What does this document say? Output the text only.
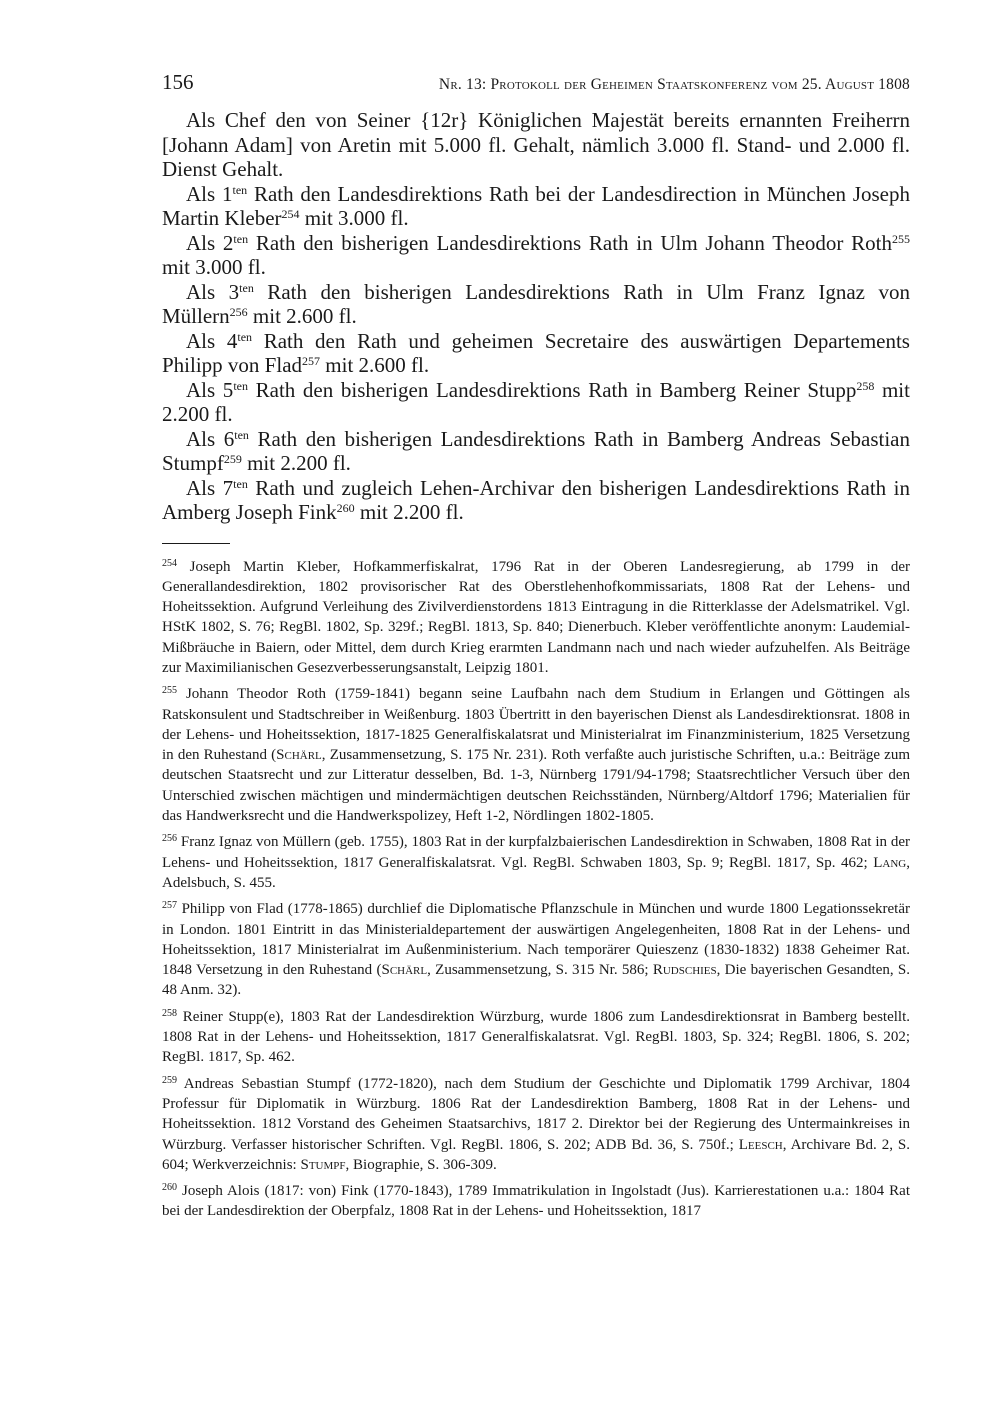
156	Nr. 13: Protokoll der Geheimen Staatskonferenz vom 25. August 1808

Als Chef den von Seiner {12r} Königlichen Majestät bereits ernannten Freiherrn [Johann Adam] von Aretin mit 5.000 fl. Gehalt, nämlich 3.000 fl. Stand- und 2.000 fl. Dienst Gehalt.

Als $1^{ten}$ Rath den Landesdirektions Rath bei der Landesdirection in München Joseph Martin Kleber$^{254}$ mit 3.000 fl.

Als $2^{ten}$ Rath den bisherigen Landesdirektions Rath in Ulm Johann Theodor Roth$^{255}$ mit 3.000 fl.

Als $3^{ten}$ Rath den bisherigen Landesdirektions Rath in Ulm Franz Ignaz von Müllern$^{256}$ mit 2.600 fl.

Als $4^{ten}$ Rath den Rath und geheimen Secretaire des auswärtigen Departements Philipp von Flad$^{257}$ mit 2.600 fl.

Als $5^{ten}$ Rath den bisherigen Landesdirektions Rath in Bamberg Reiner Stupp$^{258}$ mit 2.200 fl.

Als $6^{ten}$ Rath den bisherigen Landesdirektions Rath in Bamberg Andreas Sebastian Stumpf$^{259}$ mit 2.200 fl.

Als $7^{ten}$ Rath und zugleich Lehen-Archivar den bisherigen Landesdirektions Rath in Amberg Joseph Fink$^{260}$ mit 2.200 fl.

$^{254}$ Joseph Martin Kleber, Hofkammerfiskalrat, 1796 Rat in der Oberen Landesregierung, ab 1799 in der Generallandesdirektion, 1802 provisorischer Rat des Oberstlehenhofkommissariats, 1808 Rat der Lehens- und Hoheitssektion. Aufgrund Verleihung des Zivilverdienstordens 1813 Eintragung in die Ritterklasse der Adelsmatrikel. Vgl. HStK 1802, S. 76; RegBl. 1802, Sp. 329f.; RegBl. 1813, Sp. 840; Dienerbuch. Kleber veröffentlichte anonym: Laudemial-Mißbräuche in Baiern, oder Mittel, dem durch Krieg erarmten Landmann nach und nach wieder aufzuhelfen. Als Beiträge zur Maximilianischen Gesezverbesserungsanstalt, Leipzig 1801.
$^{255}$ Johann Theodor Roth (1759-1841) begann seine Laufbahn nach dem Studium in Erlangen und Göttingen als Ratskonsulent und Stadtschreiber in Weißenburg. 1803 Übertritt in den bayerischen Dienst als Landesdirektionsrat. 1808 in der Lehens- und Hoheitssektion, 1817-1825 Generalfiskalatsrat und Ministerialrat im Finanzministerium, 1825 Versetzung in den Ruhestand (Schärl, Zusammensetzung, S. 175 Nr. 231). Roth verfaßte auch juristische Schriften, u.a.: Beiträge zum deutschen Staatsrecht und zur Litteratur desselben, Bd. 1-3, Nürnberg 1791/94-1798; Staatsrechtlicher Versuch über den Unterschied zwischen mächtigen und mindermächtigen deutschen Reichsständen, Nürnberg/Altdorf 1796; Materialien für das Handwerksrecht und die Handwerkspolizey, Heft 1-2, Nördlingen 1802-1805.
$^{256}$ Franz Ignaz von Müllern (geb. 1755), 1803 Rat in der kurpfalzbaierischen Landesdirektion in Schwaben, 1808 Rat in der Lehens- und Hoheitssektion, 1817 Generalfiskalatsrat. Vgl. RegBl. Schwaben 1803, Sp. 9; RegBl. 1817, Sp. 462; Lang, Adelsbuch, S. 455.
$^{257}$ Philipp von Flad (1778-1865) durchlief die Diplomatische Pflanzschule in München und wurde 1800 Legationssekretär in London. 1801 Eintritt in das Ministerialdepartement der auswärtigen Angelegenheiten, 1808 Rat in der Lehens- und Hoheitssektion, 1817 Ministerialrat im Außenministerium. Nach temporärer Quieszenz (1830-1832) 1838 Geheimer Rat. 1848 Versetzung in den Ruhestand (Schärl, Zusammensetzung, S. 315 Nr. 586; Rudschies, Die bayerischen Gesandten, S. 48 Anm. 32).
$^{258}$ Reiner Stupp(e), 1803 Rat der Landesdirektion Würzburg, wurde 1806 zum Landesdirektionsrat in Bamberg bestellt. 1808 Rat in der Lehens- und Hoheitssektion, 1817 Generalfiskalatsrat. Vgl. RegBl. 1803, Sp. 324; RegBl. 1806, S. 202; RegBl. 1817, Sp. 462.
$^{259}$ Andreas Sebastian Stumpf (1772-1820), nach dem Studium der Geschichte und Diplomatik 1799 Archivar, 1804 Professur für Diplomatik in Würzburg. 1806 Rat der Landesdirektion Bamberg, 1808 Rat in der Lehens- und Hoheitssektion. 1812 Vorstand des Geheimen Staatsarchivs, 1817 2. Direktor bei der Regierung des Untermainkreises in Würzburg. Verfasser historischer Schriften. Vgl. RegBl. 1806, S. 202; ADB Bd. 36, S. 750f.; Leesch, Archivare Bd. 2, S. 604; Werkverzeichnis: Stumpf, Biographie, S. 306-309.
$^{260}$ Joseph Alois (1817: von) Fink (1770-1843), 1789 Immatrikulation in Ingolstadt (Jus). Karrierestationen u.a.: 1804 Rat bei der Landesdirektion der Oberpfalz, 1808 Rat in der Lehens- und Hoheitssektion, 1817
